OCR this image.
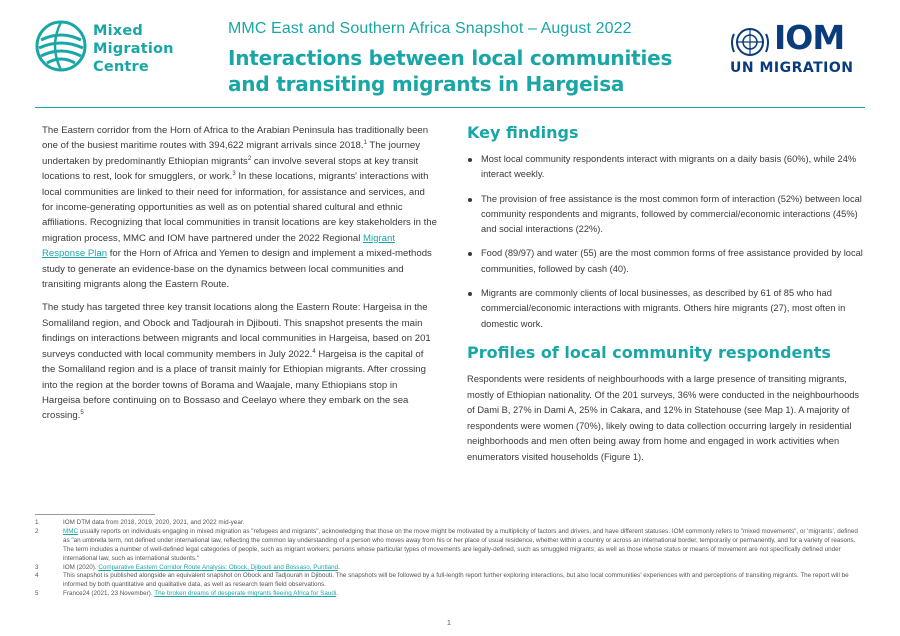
Mixed
Migration
Centre
MMC East and Southern Africa Snapshot – August 2022
Interactions between local communities and transiting migrants in Hargeisa
IOM
UN MIGRATION

The Eastern corridor from the Horn of Africa to the Arabian Peninsula has traditionally been one of the busiest maritime routes with 394,622 migrant arrivals since 2018.$^1$ The journey undertaken by predominantly Ethiopian migrants$^2$ can involve several stops at key transit locations to rest, look for smugglers, or work.$^3$ In these locations, migrants' interactions with local communities are linked to their need for information, for assistance and services, and for income-generating opportunities as well as on potential shared cultural and ethnic affiliations. Recognizing that local communities in transit locations are key stakeholders in the migration process, MMC and IOM have partnered under the 2022 Regional Migrant Response Plan for the Horn of Africa and Yemen to design and implement a mixed-methods study to generate an evidence-base on the dynamics between local communities and transiting migrants along the Eastern Route.

The study has targeted three key transit locations along the Eastern Route: Hargeisa in the Somaliland region, and Obock and Tadjourah in Djibouti. This snapshot presents the main findings on interactions between migrants and local communities in Hargeisa, based on 201 surveys conducted with local community members in July 2022.$^4$ Hargeisa is the capital of the Somaliland region and is a place of transit mainly for Ethiopian migrants. After crossing into the region at the border towns of Borama and Waajale, many Ethiopians stop in Hargeisa before continuing on to Bossaso and Ceelayo where they embark on the sea crossing.$^5$

Key findings
Most local community respondents interact with migrants on a daily basis (60%), while 24% interact weekly.
The provision of free assistance is the most common form of interaction (52%) between local community respondents and migrants, followed by commercial/economic interactions (45%) and social interactions (22%).
Food (89/97) and water (55) are the most common forms of free assistance provided by local communities, followed by cash (40).
Migrants are commonly clients of local businesses, as described by 61 of 85 who had commercial/economic interactions with migrants. Others hire migrants (27), most often in domestic work.
Profiles of local community respondents

Respondents were residents of neighbourhoods with a large presence of transiting migrants, mostly of Ethiopian nationality. Of the 201 surveys, 36% were conducted in the neighbourhoods of Dami B, 27% in Dami A, 25% in Cakara, and 12% in Statehouse (see Map 1). A majority of respondents were women (70%), likely owing to data collection occurring largely in residential neighborhoods and men often being away from home and engaged in work activities when enumerators visited households (Figure 1).

1	IOM DTM data from 2018, 2019, 2020, 2021, and 2022 mid-year.
2	MMC usually reports on individuals engaging in mixed migration as "refugees and migrants", acknowledging that those on the move might be motivated by a multiplicity of factors and drivers, and have different statuses. IOM commonly refers to "mixed movements", or 'migrants', defined as "an umbrella term, not defined under international law, reflecting the common lay understanding of a person who moves away from his or her place of usual residence, whether within a country or across an international border, temporarily or permanently, and for a variety of reasons. The term includes a number of well-defined legal categories of people, such as migrant workers; persons whose particular types of movements are legally-defined, such as smuggled migrants; as well as those whose status or means of movement are not specifically defined under international law, such as international students."
3	IOM (2020). Comparative Eastern Corridor Route Analysis: Obock, Djibouti and Bossaso, Puntland.
4	This snapshot is published alongside an equivalent snapshot on Obock and Tadjourah in Djibouti. The snapshots will be followed by a full-length report further exploring interactions, but also local communities' experiences with and perceptions of transiting migrants. The report will be informed by both quantitative and qualitative data, as well as research team field observations.
5	France24 (2021, 23 November). The broken dreams of desperate migrants fleeing Africa for Saudi.
1
